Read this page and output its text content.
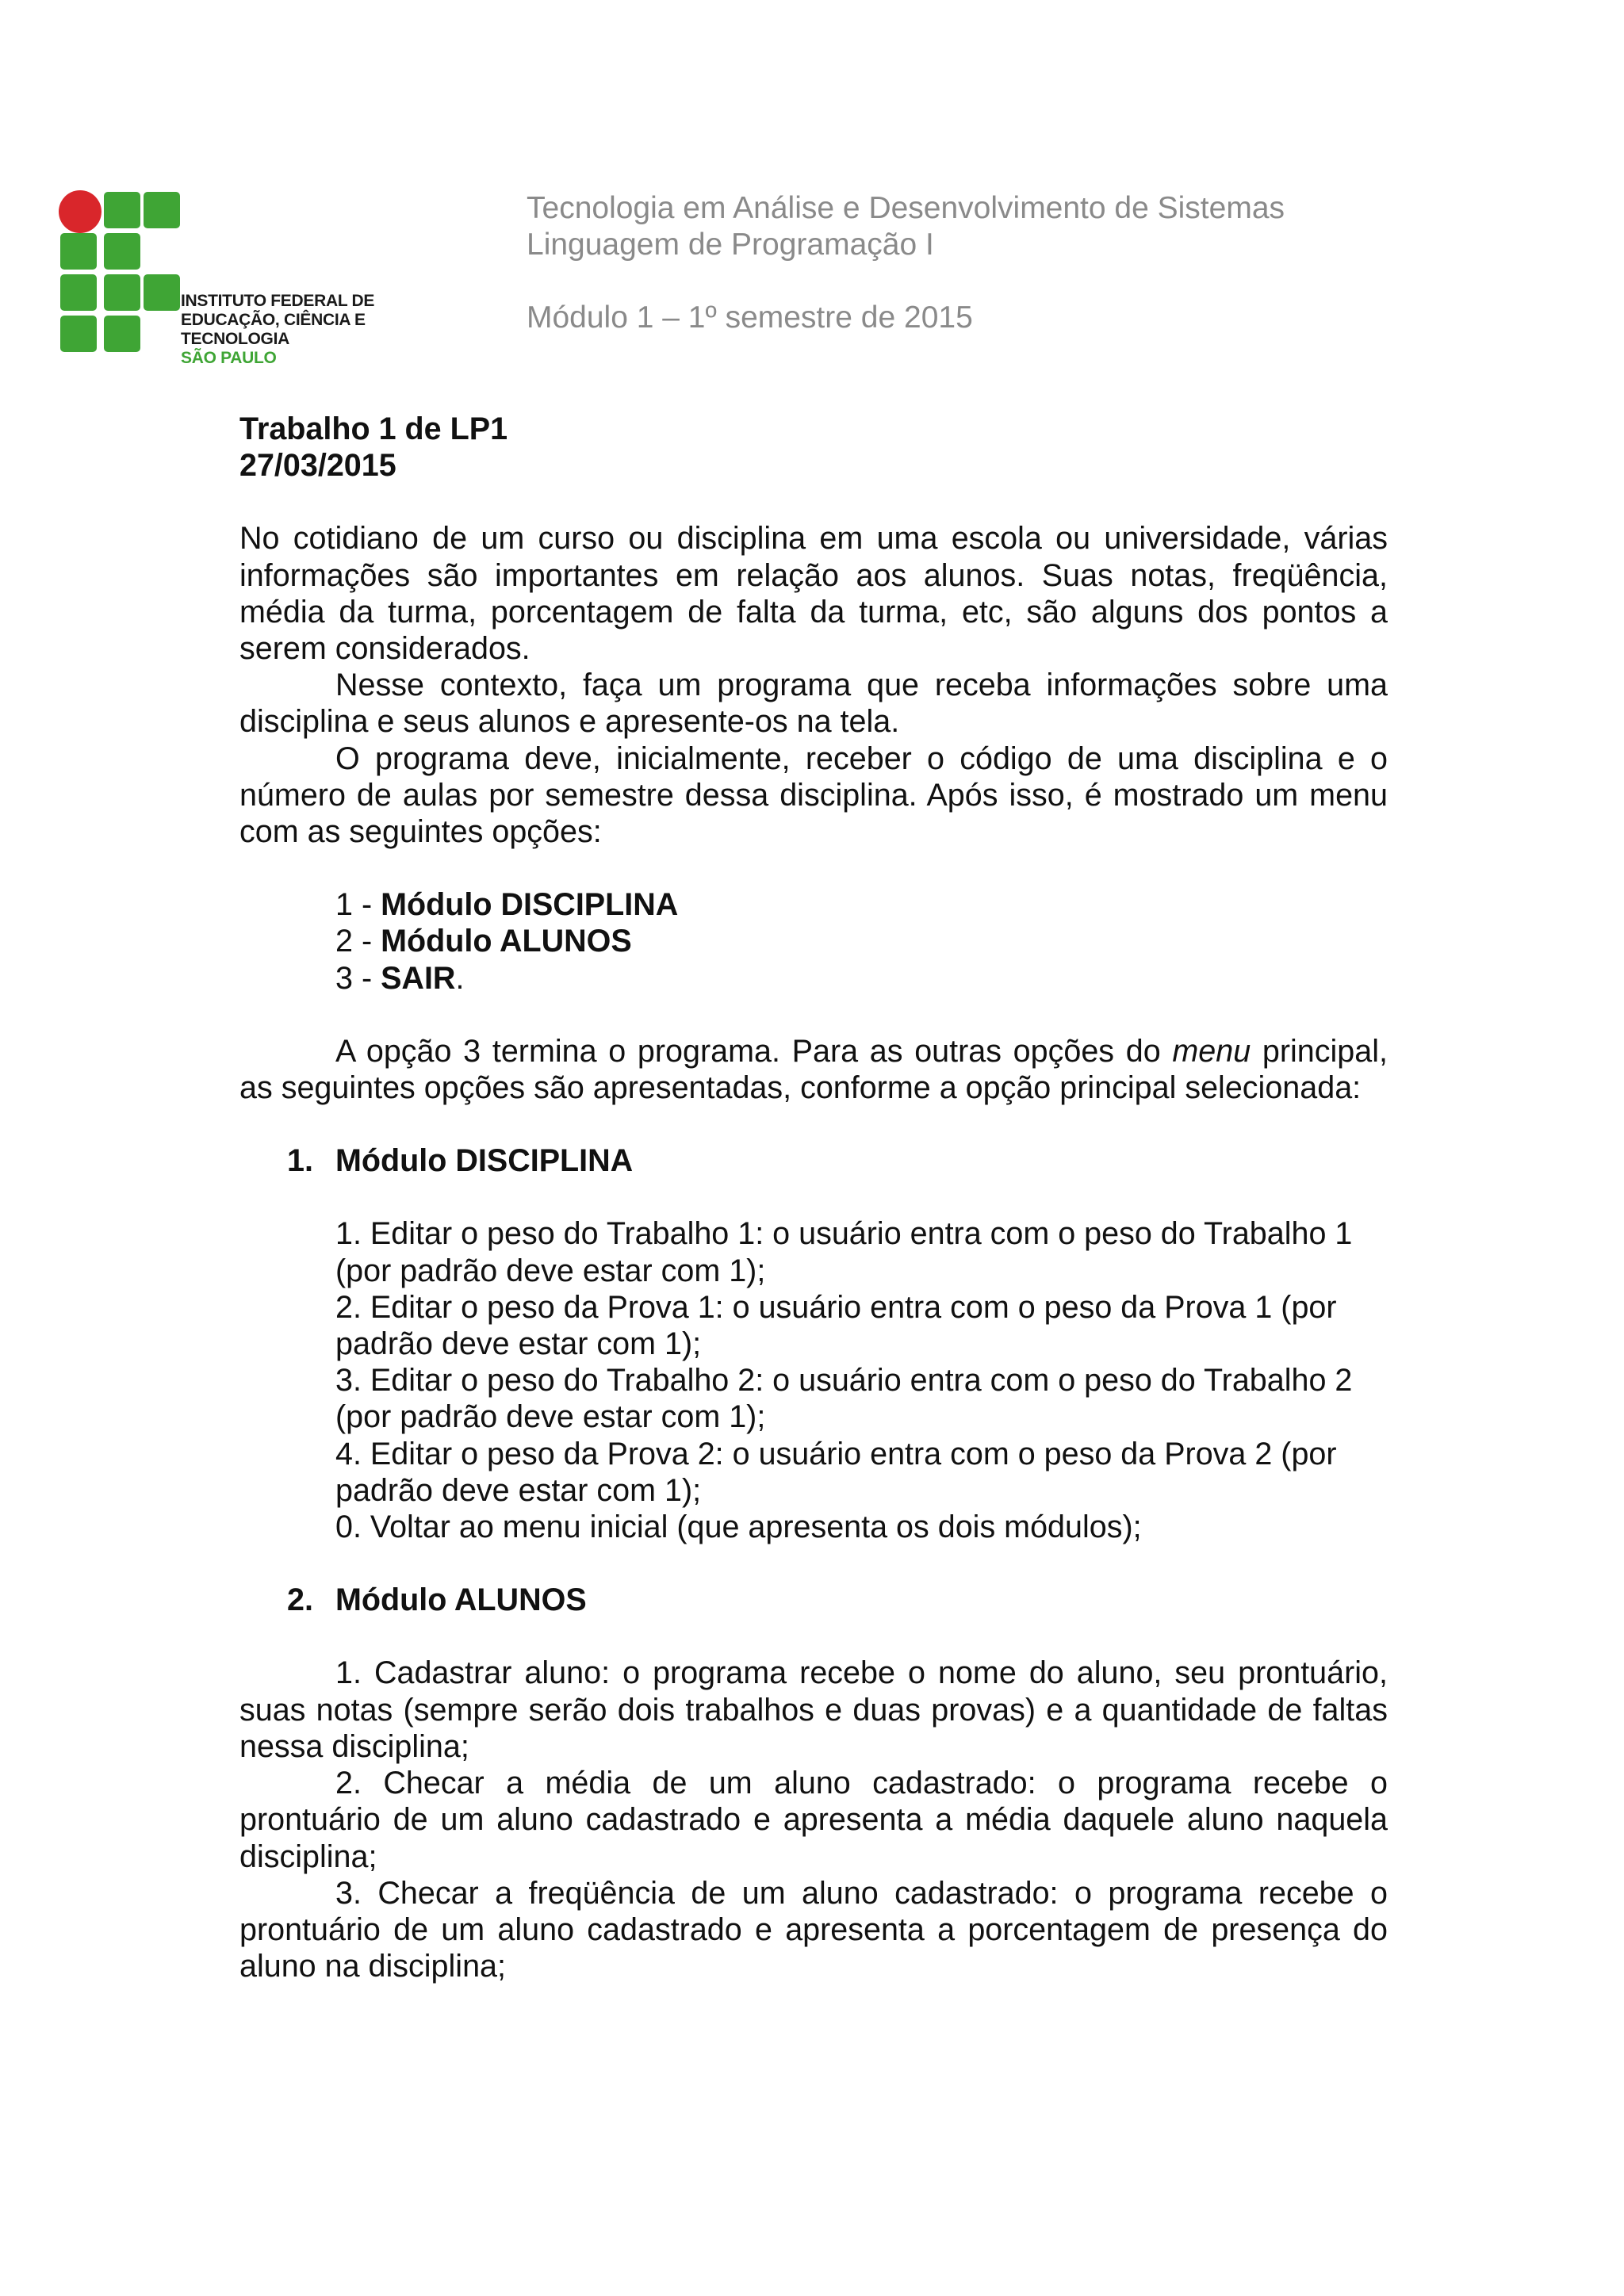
INSTITUTO FEDERAL DE
EDUCAÇÃO, CIÊNCIA E TECNOLOGIA
SÃO PAULO
Tecnologia em Análise e Desenvolvimento de Sistemas
Linguagem de Programação I
Módulo 1 – 1º semestre de 2015
Trabalho 1 de LP1
27/03/2015

No cotidiano de um curso ou disciplina em uma escola ou universidade, várias informações são importantes em relação aos alunos. Suas notas, freqüência, média da turma, porcentagem de falta da turma, etc, são alguns dos pontos a serem considerados.

Nesse contexto, faça um programa que receba informações sobre uma disciplina e seus alunos e apresente-os na tela.

O programa deve, inicialmente, receber o código de uma disciplina e o número de aulas por semestre dessa disciplina. Após isso, é mostrado um menu com as seguintes opções:

1 - Módulo DISCIPLINA
2 - Módulo ALUNOS
3 - SAIR.

A opção 3 termina o programa. Para as outras opções do menu principal, as seguintes opções são apresentadas, conforme a opção principal selecionada:

1. Módulo DISCIPLINA
1. Editar o peso do Trabalho 1: o usuário entra com o peso do Trabalho 1 (por padrão deve estar com 1);
2. Editar o peso da Prova 1: o usuário entra com o peso da Prova 1 (por padrão deve estar com 1);
3. Editar o peso do Trabalho 2: o usuário entra com o peso do Trabalho 2 (por padrão deve estar com 1);
4. Editar o peso da Prova 2: o usuário entra com o peso da Prova 2 (por padrão deve estar com 1);
0. Voltar ao menu inicial (que apresenta os dois módulos);
2. Módulo ALUNOS

1. Cadastrar aluno: o programa recebe o nome do aluno, seu prontuário, suas notas (sempre serão dois trabalhos e duas provas) e a quantidade de faltas nessa disciplina;

2. Checar a média de um aluno cadastrado: o programa recebe o prontuário de um aluno cadastrado e apresenta a média daquele aluno naquela disciplina;

3. Checar a freqüência de um aluno cadastrado: o programa recebe o prontuário de um aluno cadastrado e apresenta a porcentagem de presença do aluno na disciplina;
